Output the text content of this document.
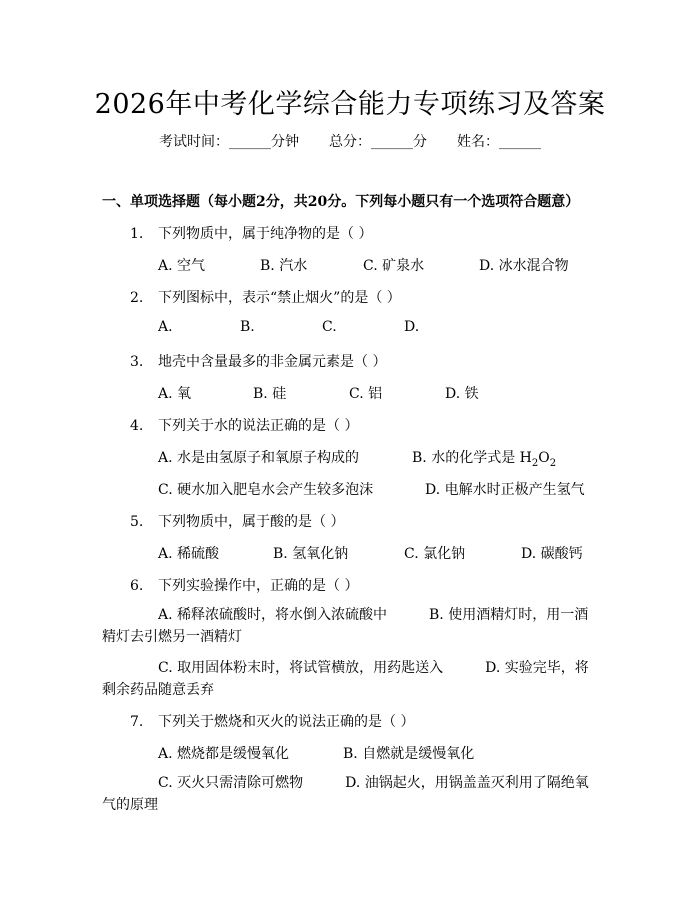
2026年中考化学综合能力专项练习及答案
考试时间：______分钟 总分：______分 姓名：______
一、单项选择题（每小题2分，共20分。下列每小题只有一个选项符合题意）
1. 下列物质中，属于纯净物的是（ ）
A. 空气	B. 汽水	C. 矿泉水	D. 冰水混合物
2. 下列图标中，表示“禁止烟火”的是（ ）
A.	B.	C.	D.
3. 地壳中含量最多的非金属元素是（ ）
A. 氧	B. 硅	C. 铝	D. 铁
4. 下列关于水的说法正确的是（ ）
A. 水是由氢原子和氧原子构成的	B. 水的化学式是 $H_2O_2$
C. 硬水加入肥皂水会产生较多泡沫	D. 电解水时正极产生氢气
5. 下列物质中，属于酸的是（ ）
A. 稀硫酸	B. 氢氧化钠	C. 氯化钠	D. 碳酸钙
6. 下列实验操作中，正确的是（ ）
A. 稀释浓硫酸时，将水倒入浓硫酸中　　　	B. 使用酒精灯时，用一酒精灯去引燃另一酒精灯
C. 取用固体粉末时，将试管横放，用药匙送入　　　	D. 实验完毕，将剩余药品随意丢弃
7. 下列关于燃烧和灭火的说法正确的是（ ）
A. 燃烧都是缓慢氧化	B. 自燃就是缓慢氧化
C. 灭火只需清除可燃物　　　	D. 油锅起火，用锅盖盖灭利用了隔绝氧气的原理
